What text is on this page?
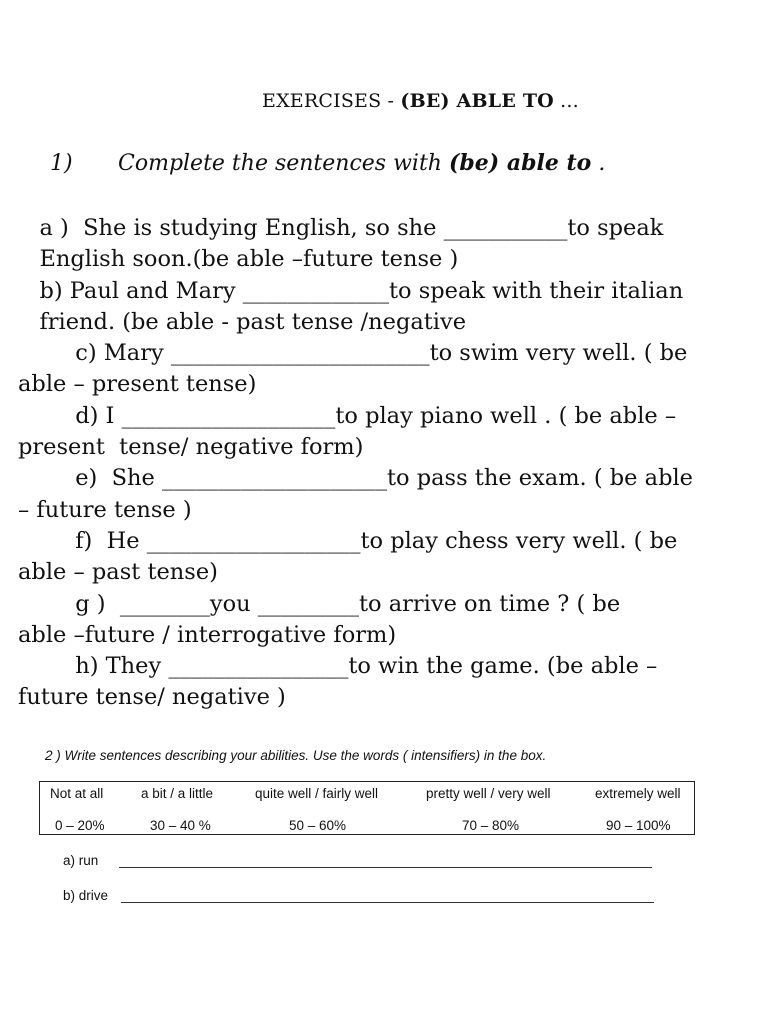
EXERCISES - (BE) ABLE TO ...
1) Complete the sentences with (be) able to .
a )  She is studying English, so she ___________to speak
English soon.(be able –future tense )
b) Paul and Mary _____________to speak with their italian
friend. (be able - past tense /negative
c) Mary _______________________to swim very well. ( be
able – present tense)
d) I ___________________to play piano well . ( be able –
present  tense/ negative form)
e)  She ____________________to pass the exam. ( be able
– future tense )
f)  He ___________________to play chess very well. ( be
able – past tense)
g )  ________you _________to arrive on time ? ( be
able –future / interrogative form)
h) They ________________to win the game. (be able –
future tense/ negative )
2 ) Write sentences describing your abilities. Use the words ( intensifiers) in the box.
Not at all	a bit / a little	quite well / fairly well	pretty well / very well	extremely well
0 – 20%	30 – 40 %	50 – 60%	70 – 80%	90 – 100%
a) run
b) drive
